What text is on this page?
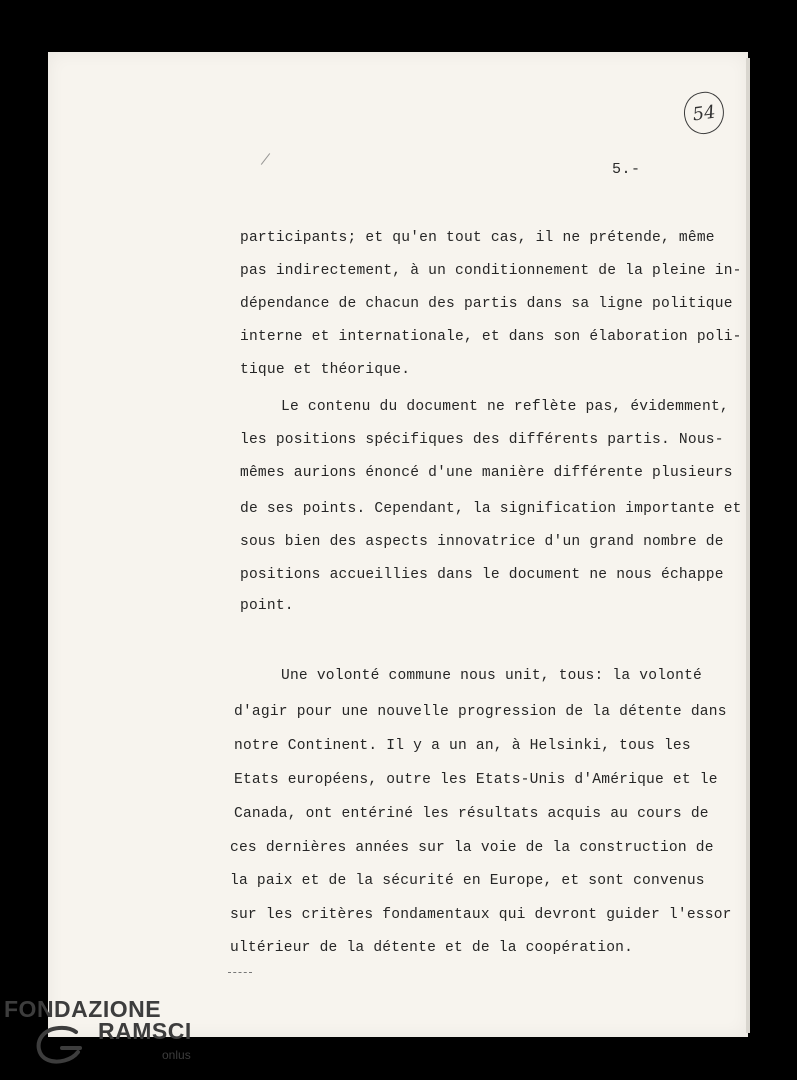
54
5.-
participants; et qu'en tout cas, il ne prétende, même
pas indirectement, à un conditionnement de la pleine in-
dépendance de chacun des partis dans sa ligne politique
interne et internationale, et dans son élaboration poli-
tique et théorique.
Le contenu du document ne reflète pas, évidemment,
les positions spécifiques des différents partis. Nous-
mêmes aurions énoncé d'une manière différente plusieurs
de ses points. Cependant, la signification importante et
sous bien des aspects innovatrice d'un grand nombre de
positions accueillies dans le document ne nous échappe
point.
Une volonté commune nous unit, tous: la volonté
d'agir pour une nouvelle progression de la détente dans
notre Continent. Il y a un an, à Helsinki, tous les
Etats européens, outre les Etats-Unis d'Amérique et le
Canada, ont entériné les résultats acquis au cours de
ces dernières années sur la voie de la construction de
la paix et de la sécurité en Europe, et sont convenus
sur les critères fondamentaux qui devront guider l'essor
ultérieur de la détente et de la coopération.
FONDAZIONE
RAMSCI
onlus
